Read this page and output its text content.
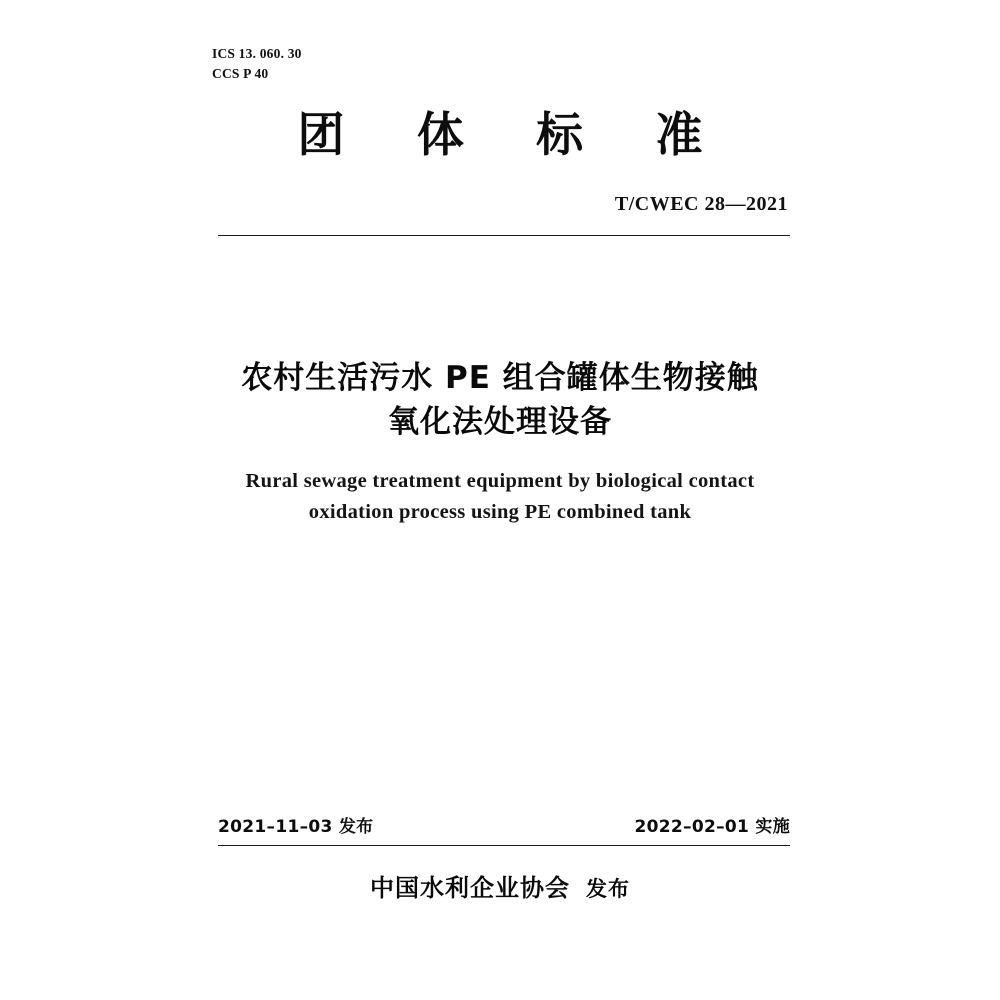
ICS 13. 060. 30
CCS P 40
团 体 标 准
T/CWEC 28—2021
农村生活污水 PE 组合罐体生物接触
氧化法处理设备
Rural sewage treatment equipment by biological contact
oxidation process using PE combined tank
2021–11–03 发布	2022–02–01 实施
中国水利企业协会 发布
